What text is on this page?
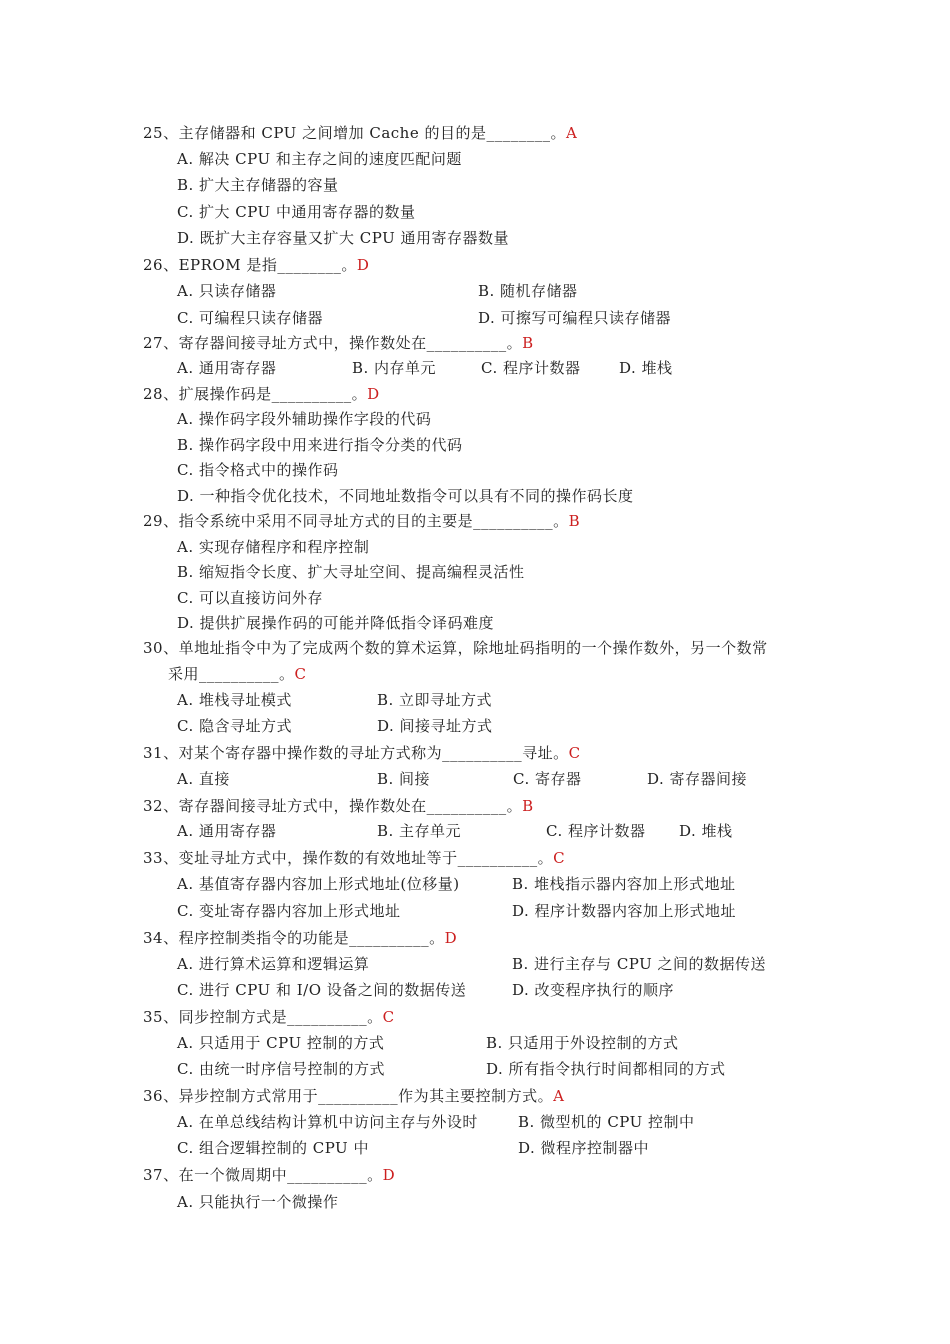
25、主存储器和 CPU 之间增加 Cache 的目的是________。A
A. 解决 CPU 和主存之间的速度匹配问题
B. 扩大主存储器的容量
C. 扩大 CPU 中通用寄存器的数量
D. 既扩大主存容量又扩大 CPU 通用寄存器数量
26、EPROM 是指________。D
A. 只读存储器	B. 随机存储器
C. 可编程只读存储器	D. 可擦写可编程只读存储器
27、寄存器间接寻址方式中，操作数处在__________。B
A. 通用寄存器	B. 内存单元	C. 程序计数器	D. 堆栈
28、扩展操作码是__________。D
A. 操作码字段外辅助操作字段的代码
B. 操作码字段中用来进行指令分类的代码
C. 指令格式中的操作码
D. 一种指令优化技术，不同地址数指令可以具有不同的操作码长度
29、指令系统中采用不同寻址方式的目的主要是__________。B
A. 实现存储程序和程序控制
B. 缩短指令长度、扩大寻址空间、提高编程灵活性
C. 可以直接访问外存
D. 提供扩展操作码的可能并降低指令译码难度
30、单地址指令中为了完成两个数的算术运算，除地址码指明的一个操作数外，另一个数常
采用__________。C
A. 堆栈寻址模式	B. 立即寻址方式
C. 隐含寻址方式	D. 间接寻址方式
31、对某个寄存器中操作数的寻址方式称为__________寻址。C
A. 直接	B. 间接	C. 寄存器	D. 寄存器间接
32、寄存器间接寻址方式中，操作数处在__________。B
A. 通用寄存器	B. 主存单元	C. 程序计数器 D. 堆栈
33、变址寻址方式中，操作数的有效地址等于__________。C
A. 基值寄存器内容加上形式地址(位移量)	B. 堆栈指示器内容加上形式地址
C. 变址寄存器内容加上形式地址	D. 程序计数器内容加上形式地址
34、程序控制类指令的功能是__________。D
A. 进行算术运算和逻辑运算	B. 进行主存与 CPU 之间的数据传送
C. 进行 CPU 和 I/O 设备之间的数据传送	D. 改变程序执行的顺序
35、同步控制方式是__________。C
A. 只适用于 CPU 控制的方式	B. 只适用于外设控制的方式
C. 由统一时序信号控制的方式	D. 所有指令执行时间都相同的方式
36、异步控制方式常用于__________作为其主要控制方式。A
A. 在单总线结构计算机中访问主存与外设时	B. 微型机的 CPU 控制中
C. 组合逻辑控制的 CPU 中	D. 微程序控制器中
37、在一个微周期中__________。D
A. 只能执行一个微操作
